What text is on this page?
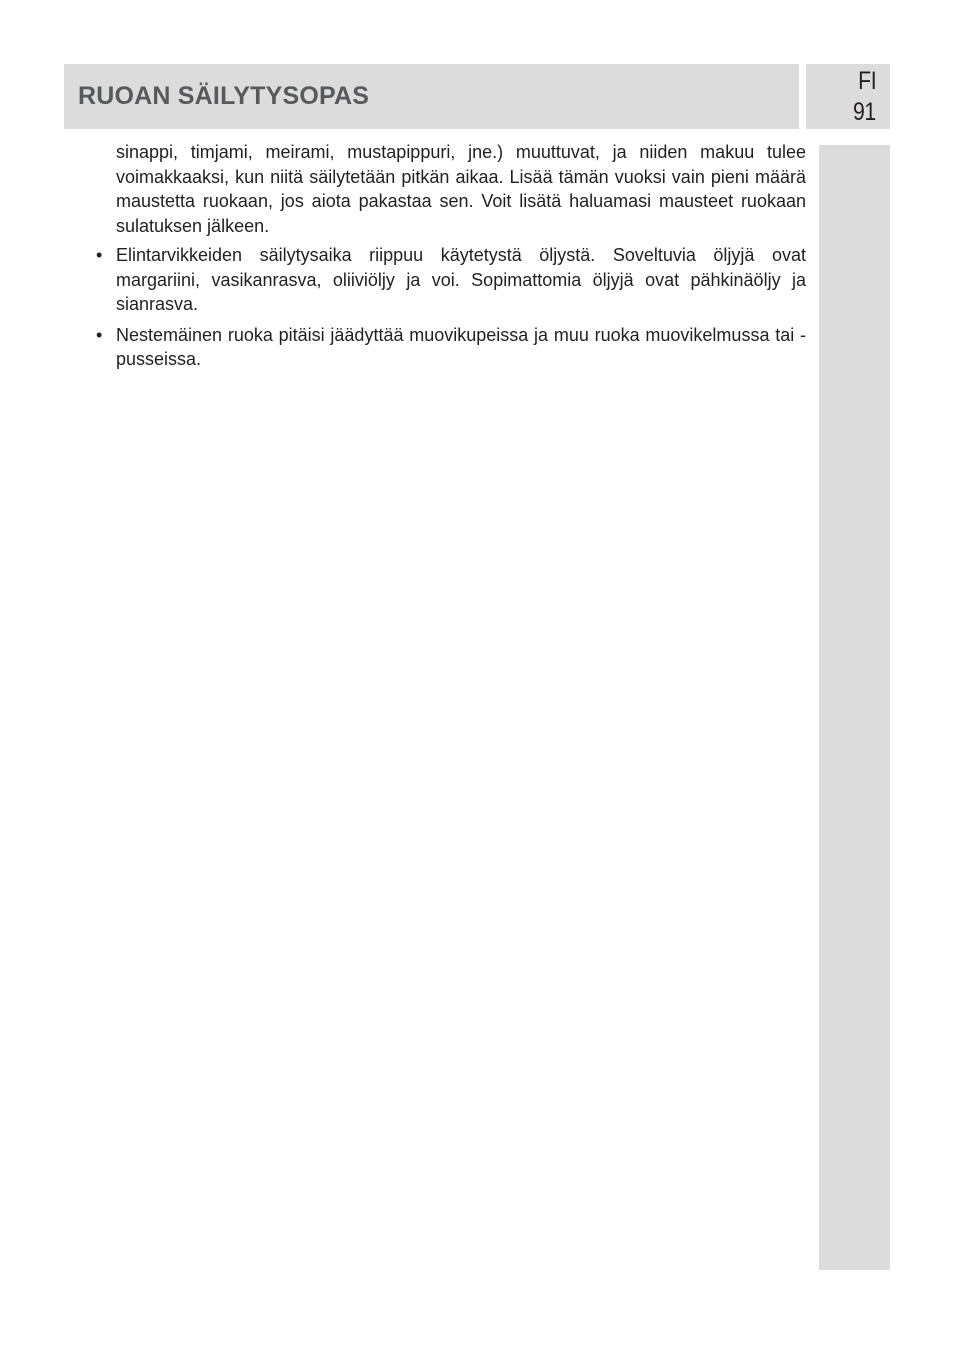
RUOAN SÄILYTYSOPAS
FI
91

sinappi, timjami, meirami, mustapippuri, jne.) muuttuvat, ja niiden makuu tulee voimakkaaksi, kun niitä säilytetään pitkän aikaa. Lisää tämän vuoksi vain pieni määrä maustetta ruokaan, jos aiota pakastaa sen. Voit lisätä haluamasi mausteet ruokaan sulatuksen jälkeen.

• Elintarvikkeiden säilytysaika riippuu käytetystä öljystä. Soveltuvia öljyjä ovat margariini, vasikanrasva, oliiviöljy ja voi. Sopimattomia öljyjä ovat pähkinäöljy ja sianrasva.
• Nestemäinen ruoka pitäisi jäädyttää muovikupeissa ja muu ruoka muovikelmussa tai -pusseissa.
